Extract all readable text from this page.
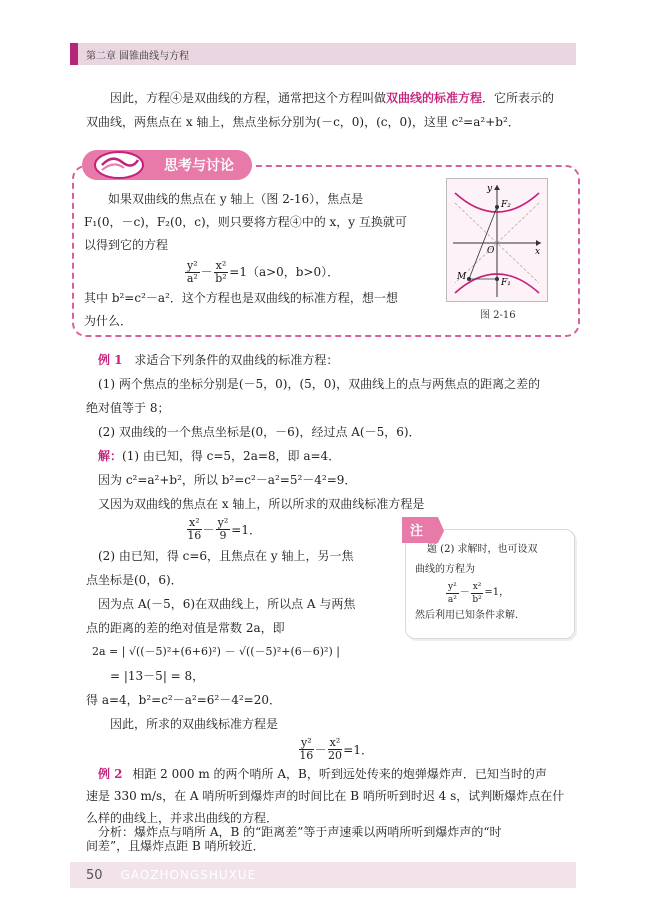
第二章 圆锥曲线与方程

因此，方程④是双曲线的方程，通常把这个方程叫做双曲线的标准方程．它所表示的

双曲线，两焦点在 x 轴上，焦点坐标分别为(－c，0)，(c，0)，这里 c²=a²+b²．

思考与讨论
如果双曲线的焦点在 y 轴上（图 2-16），焦点是
F₁(0，－c)，F₂(0，c)，则只要将方程④中的 x，y 互换就可
以得到它的方程
$\frac{\text{y²}}{\text{a²}} - \frac{\text{x²}}{\text{b²}} =1(a>0$，b>0）．
其中 b²=c²－a²．这个方程也是双曲线的标准方程，想一想
为什么．
y
x
O
F₂
F₁
M
图 2-16

例 1 求适合下列条件的双曲线的标准方程：

(1) 两个焦点的坐标分别是(－5，0)，(5，0)，双曲线上的点与两焦点的距离之差的

绝对值等于 8；

(2) 双曲线的一个焦点坐标是(0，－6)，经过点 A(－5，6)．

解：(1) 由已知，得 c=5，2a=8，即 a=4．

因为 c²=a²+b²，所以 b²=c²－a²=5²－4²=9．

又因为双曲线的焦点在 x 轴上，所以所求的双曲线标准方程是

$\frac{\text{x²}}{16} - \frac{\text{y²}}{9} =1$．

(2) 由已知，得 c=6，且焦点在 y 轴上，另一焦

点坐标是(0，6)．

因为点 A(－5，6)在双曲线上，所以点 A 与两焦

点的距离的差的绝对值是常数 2a，即

2a = | √((－5)²+(6+6)²) － √((－5)²+(6－6)²) |

= |13－5| = 8，

得 a=4，b²=c²－a²=6²－4²=20．

因此，所求的双曲线标准方程是

$\frac{\text{y²}}{16} - \frac{\text{x²}}{20} =1$．
注
题 (2) 求解时，也可设双
曲线的方程为
$\frac{\text{y²}}{\text{a²}} - \frac{\text{x²}}{\text{b²}} =1$，
然后利用已知条件求解.

例 2 相距 2 000 m 的两个哨所 A，B，听到远处传来的炮弹爆炸声．已知当时的声

速是 330 m/s，在 A 哨所听到爆炸声的时间比在 B 哨所听到时迟 4 s，试判断爆炸点在什

么样的曲线上，并求出曲线的方程．

50 GAOZHONGSHUXUE

分析：爆炸点与哨所 A，B 的“距离差”等于声速乘以两哨所听到爆炸声的“时

间差”，且爆炸点距 B 哨所较近．
